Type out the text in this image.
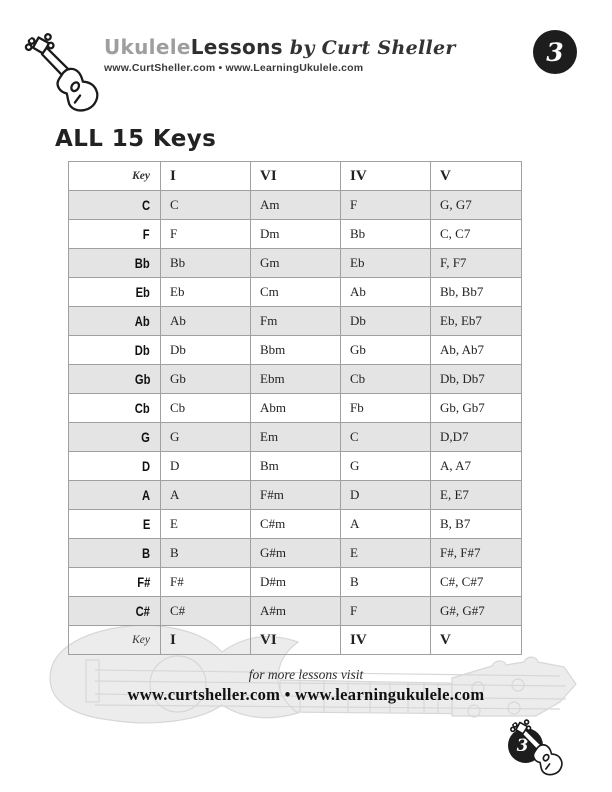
UkuleleLessons by Curt Sheller
www.CurtSheller.com • www.LearningUkulele.com
3
ALL 15 Keys
Key	I	VI	IV	V
C	C	Am	F	G, G7
F	F	Dm	Bb	C, C7
Bb	Bb	Gm	Eb	F, F7
Eb	Eb	Cm	Ab	Bb, Bb7
Ab	Ab	Fm	Db	Eb, Eb7
Db	Db	Bbm	Gb	Ab, Ab7
Gb	Gb	Ebm	Cb	Db, Db7
Cb	Cb	Abm	Fb	Gb, Gb7
G	G	Em	C	D,D7
D	D	Bm	G	A, A7
A	A	F#m	D	E, E7
E	E	C#m	A	B, B7
B	B	G#m	E	F#, F#7
F#	F#	D#m	B	C#, C#7
C#	C#	A#m	F	G#, G#7
Key	I	VI	IV	V
for more lessons visit
www.curtsheller.com • www.learningukulele.com
3
